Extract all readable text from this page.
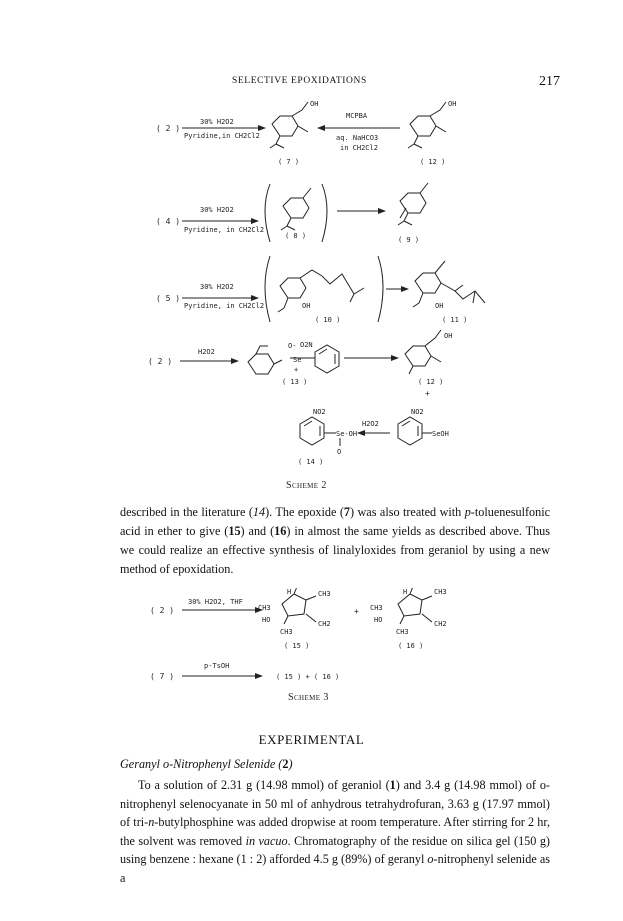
SELECTIVE EPOXIDATIONS	217
( 2 )
30% H2O2
Pyridine,in CH2Cl2
OH
( 7 )
MCPBA
aq. NaHCO3
in CH2Cl2
OH
( 12 )
( 4 )
30% H2O2
Pyridine, in CH2Cl2
( 8 )	( 9 )
( 5 )
30% H2O2
Pyridine, in CH2Cl2	OH
( 10 )
OH
( 11 )
( 2 )
H2O2
O- O2N
Se
+
( 13 )
OH
( 12 )
+
NO2
Se-OH
O
( 14 )
H2O2
NO2
SeOH
Scheme 2

described in the literature (14). The epoxide (7) was also treated with p-toluenesulfonic acid in ether to give (15) and (16) in almost the same yields as described above. Thus we could realize an effective synthesis of linalyloxides from geraniol by using a new method of epoxidation.

( 2 )
30% H2O2, THF
CH3
H	CH3
HO	CH2
CH3
+ CH3
H	CH3
HO	CH2
CH3
( 15 )	( 16 )
( 7 )
p-TsOH
( 15 ) + ( 16 )
Scheme 3
EXPERIMENTAL
Geranyl o-Nitrophenyl Selenide (2)

To a solution of 2.31 g (14.98 mmol) of geraniol (1) and 3.4 g (14.98 mmol) of o-nitrophenyl selenocyanate in 50 ml of anhydrous tetrahydrofuran, 3.63 g (17.97 mmol) of tri-n-butylphosphine was added dropwise at room temperature. After stirring for 2 hr, the solvent was removed in vacuo. Chromatography of the residue on silica gel (150 g) using benzene : hexane (1 : 2) afforded 4.5 g (89%) of geranyl o-nitrophenyl selenide as a
